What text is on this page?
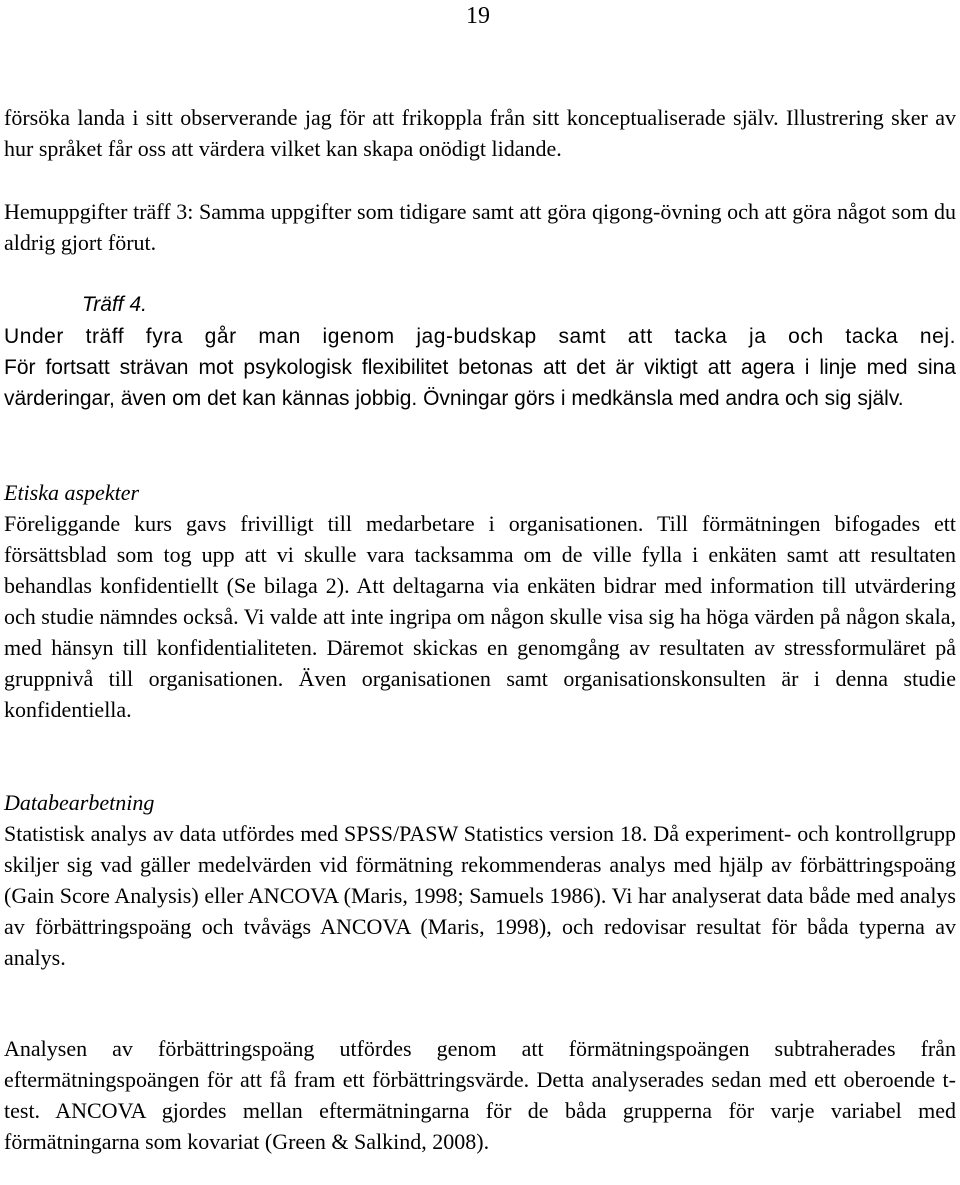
19

försöka landa i sitt observerande jag för att frikoppla från sitt konceptualiserade själv. Illustrering sker av hur språket får oss att värdera vilket kan skapa onödigt lidande.

Hemuppgifter träff 3: Samma uppgifter som tidigare samt att göra qigong-övning och att göra något som du aldrig gjort förut.

Träff 4.

Under träff fyra går man igenom jag-budskap samt att tacka ja och tacka nej.

För fortsatt strävan mot psykologisk flexibilitet betonas att det är viktigt att agera i linje med sina värderingar, även om det kan kännas jobbig. Övningar görs i medkänsla med andra och sig själv.

Etiska aspekter

Föreliggande kurs gavs frivilligt till medarbetare i organisationen. Till förmätningen bifogades ett försättsblad som tog upp att vi skulle vara tacksamma om de ville fylla i enkäten samt att resultaten behandlas konfidentiellt (Se bilaga 2). Att deltagarna via enkäten bidrar med information till utvärdering och studie nämndes också. Vi valde att inte ingripa om någon skulle visa sig ha höga värden på någon skala, med hänsyn till konfidentialiteten. Däremot skickas en genomgång av resultaten av stressformuläret på gruppnivå till organisationen. Även organisationen samt organisationskonsulten är i denna studie konfidentiella.

Databearbetning

Statistisk analys av data utfördes med SPSS/PASW Statistics version 18. Då experiment- och kontrollgrupp skiljer sig vad gäller medelvärden vid förmätning rekommenderas analys med hjälp av förbättringspoäng (Gain Score Analysis) eller ANCOVA (Maris, 1998; Samuels 1986). Vi har analyserat data både med analys av förbättringspoäng och tvåvägs ANCOVA (Maris, 1998), och redovisar resultat för båda typerna av analys.

Analysen av förbättringspoäng utfördes genom att förmätningspoängen subtraherades från eftermätningspoängen för att få fram ett förbättringsvärde. Detta analyserades sedan med ett oberoende t-test. ANCOVA gjordes mellan eftermätningarna för de båda grupperna för varje variabel med förmätningarna som kovariat (Green & Salkind, 2008).
